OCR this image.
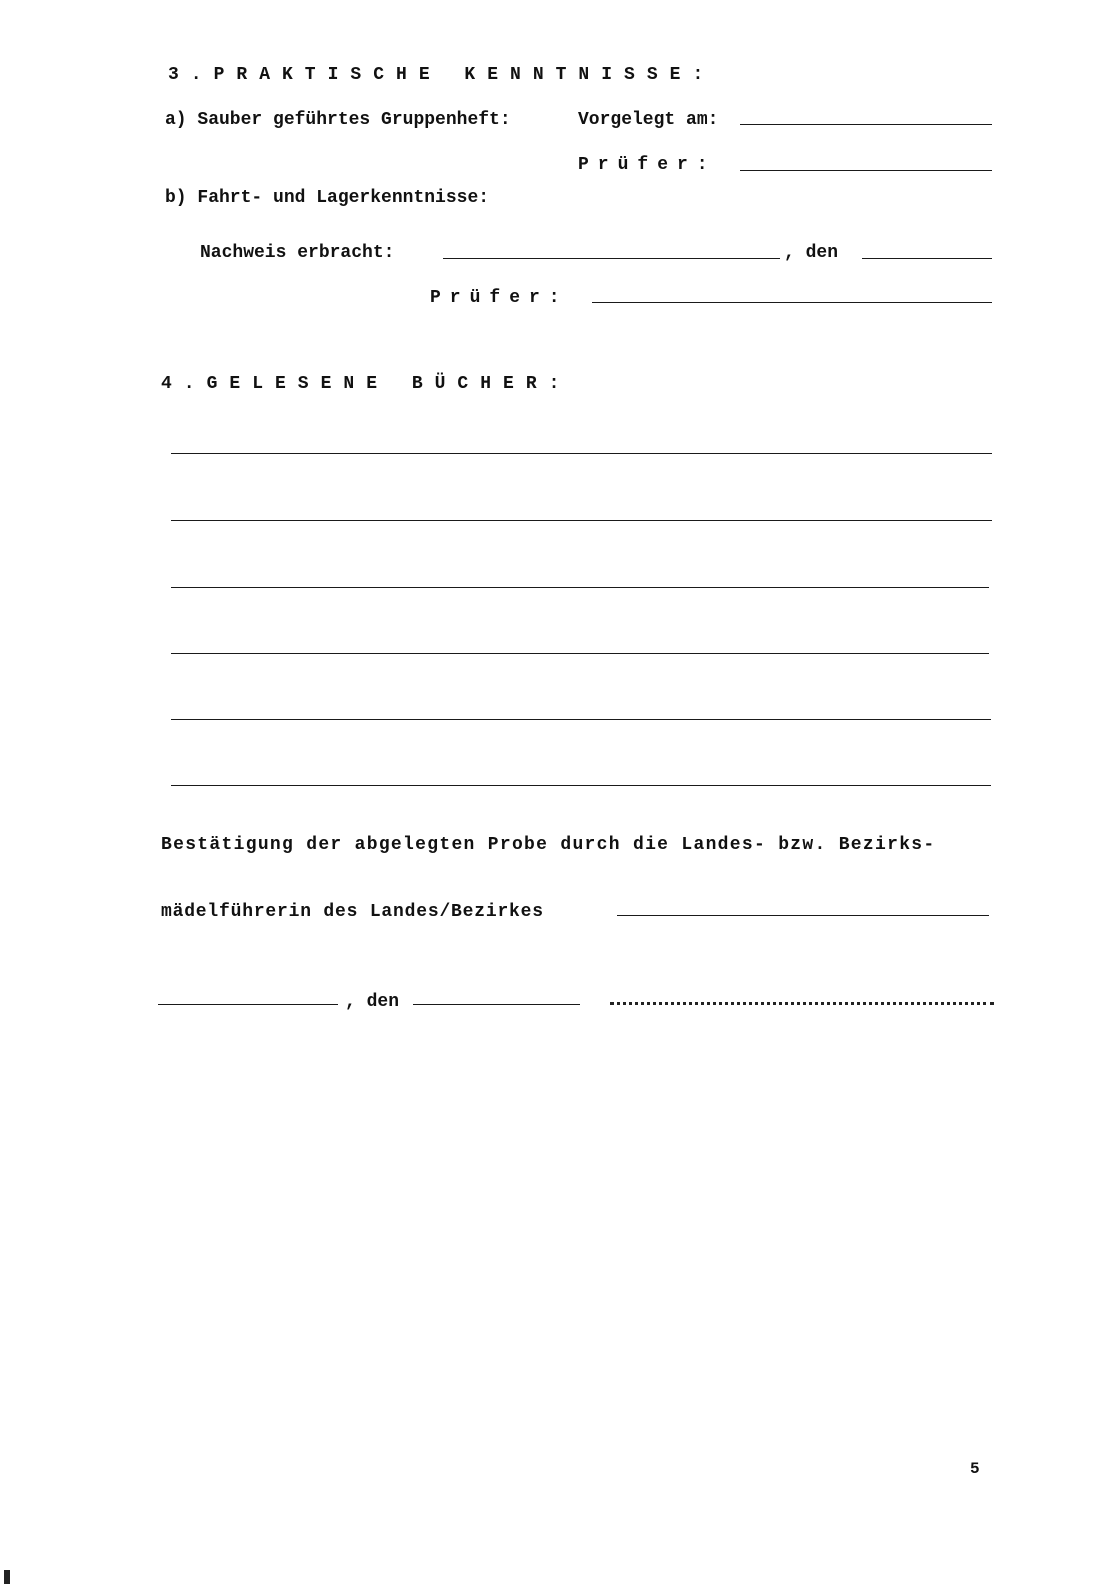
3.PRAKTISCHE KENNTNISSE:
a) Sauber geführtes Gruppenheft:	Vorgelegt am:
Prüfer:
b) Fahrt- und Lagerkenntnisse:
Nachweis erbracht:	, den
Prüfer:
4.GELESENE BÜCHER:
Bestätigung der abgelegten Probe durch die Landes- bzw. Bezirks-
mädelführerin des Landes/Bezirkes
, den
5
